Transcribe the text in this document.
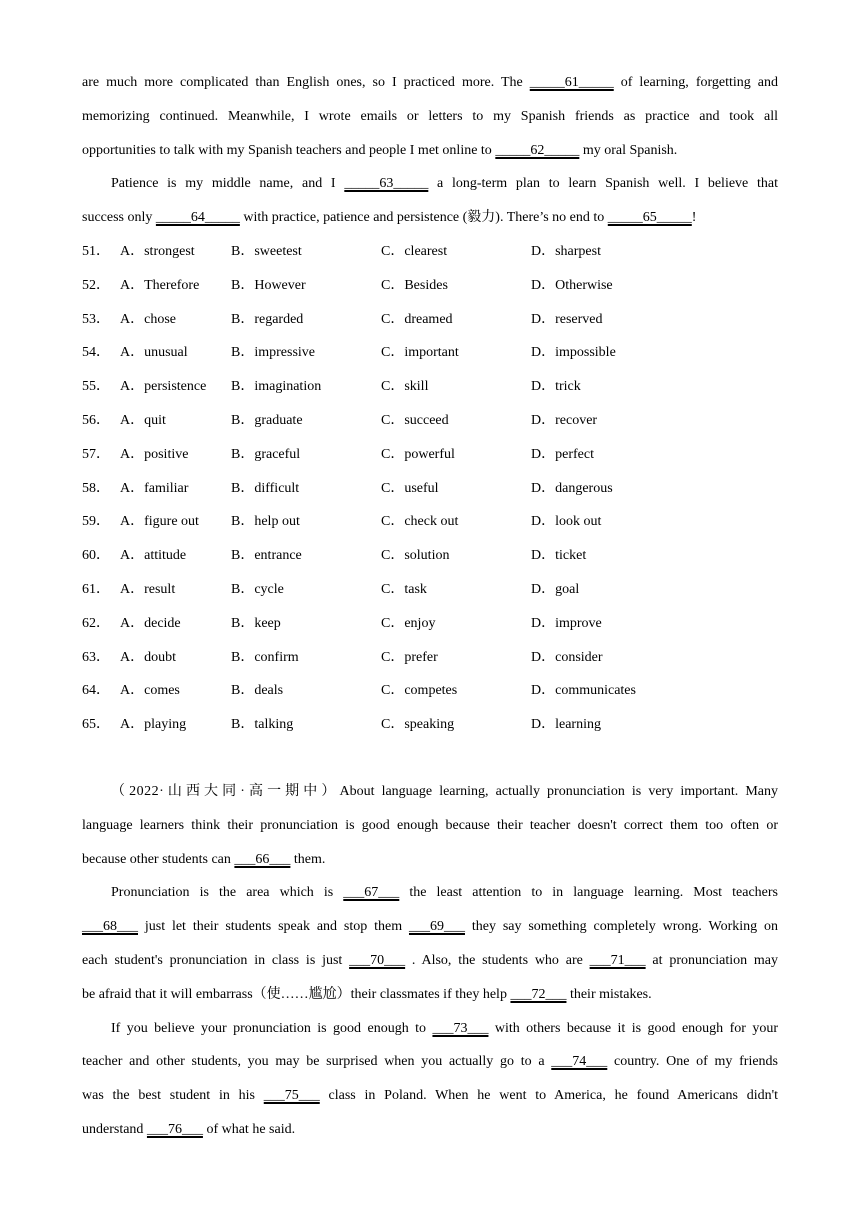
are much more complicated than English ones, so I practiced more. The _____61_____ of learning, forgetting and
memorizing continued. Meanwhile, I wrote emails or letters to my Spanish friends as practice and took all
opportunities to talk with my Spanish teachers and people I met online to _____62_____ my oral Spanish.
Patience is my middle name, and I _____63_____ a long-term plan to learn Spanish well. I believe that
success only _____64_____ with practice, patience and persistence (毅力). There’s no end to _____65_____!
51． A．strongest	B．sweetest	C．clearest	D．sharpest
52． A．Therefore B．However	C．Besides	D．Otherwise
53． A．chose	B．regarded	C．dreamed	D．reserved
54． A．unusual	B．impressive	C．important	D．impossible
55． A．persistence B．imagination	C．skill	D．trick
56． A．quit	B．graduate	C．succeed	D．recover
57． A．positive	B．graceful	C．powerful	D．perfect
58． A．familiar	B．difficult	C．useful	D．dangerous
59． A．figure out B．help out	C．check out	D．look out
60． A．attitude	B．entrance	C．solution	D．ticket
61． A．result	B．cycle	C．task	D．goal
62． A．decide	B．keep	C．enjoy	D．improve
63． A．doubt	B．confirm	C．prefer	D．consider
64． A．comes	B．deals	C．competes	D．communicates
65． A．playing	B．talking	C．speaking	D．learning
（2022·山西大同·高一期中）About language learning, actually pronunciation is very important. Many
language learners think their pronunciation is good enough because their teacher doesn't correct them too often or
because other students can ___66___ them.
Pronunciation is the area which is ___67___ the least attention to in language learning. Most teachers
___68___ just let their students speak and stop them ___69___ they say something completely wrong. Working on
each student's pronunciation in class is just ___70___ . Also, the students who are ___71___ at pronunciation may
be afraid that it will embarrass（使……尴尬）their classmates if they help ___72___ their mistakes.
If you believe your pronunciation is good enough to ___73___ with others because it is good enough for your
teacher and other students, you may be surprised when you actually go to a ___74___ country. One of my friends
was the best student in his ___75___ class in Poland. When he went to America, he found Americans didn't
understand ___76___ of what he said.
